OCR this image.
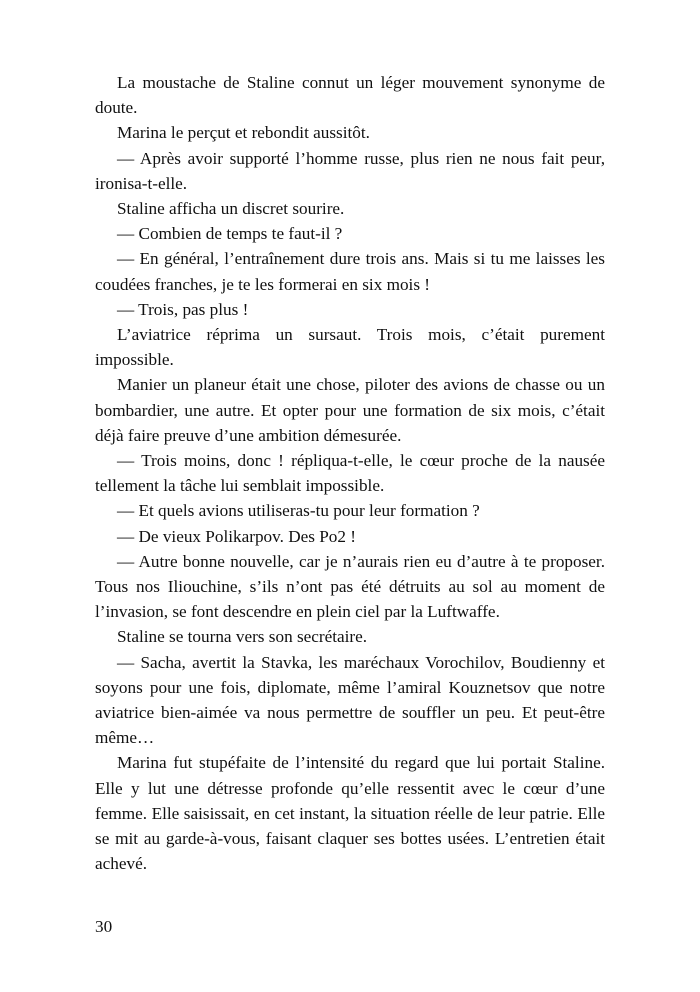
La moustache de Staline connut un léger mouvement synonyme de doute.

Marina le perçut et rebondit aussitôt.

— Après avoir supporté l’homme russe, plus rien ne nous fait peur, ironisa-t-elle.

Staline afficha un discret sourire.

— Combien de temps te faut-il ?

— En général, l’entraînement dure trois ans. Mais si tu me laisses les coudées franches, je te les formerai en six mois !

— Trois, pas plus !

L’aviatrice réprima un sursaut. Trois mois, c’était purement impossible.

Manier un planeur était une chose, piloter des avions de chasse ou un bombardier, une autre. Et opter pour une formation de six mois, c’était déjà faire preuve d’une ambition démesurée.

— Trois moins, donc ! répliqua-t-elle, le cœur proche de la nausée tellement la tâche lui semblait impossible.

— Et quels avions utiliseras-tu pour leur formation ?

— De vieux Polikarpov. Des Po2 !

— Autre bonne nouvelle, car je n’aurais rien eu d’autre à te proposer. Tous nos Iliouchine, s’ils n’ont pas été détruits au sol au moment de l’invasion, se font descendre en plein ciel par la Luftwaffe.

Staline se tourna vers son secrétaire.

— Sacha, avertit la Stavka, les maréchaux Vorochilov, Boudienny et soyons pour une fois, diplomate, même l’amiral Kouznetsov que notre aviatrice bien-aimée va nous permettre de souffler un peu. Et peut-être même…

Marina fut stupéfaite de l’intensité du regard que lui portait Staline. Elle y lut une détresse profonde qu’elle ressentit avec le cœur d’une femme. Elle saisissait, en cet instant, la situation réelle de leur patrie. Elle se mit au garde-à-vous, faisant claquer ses bottes usées. L’entretien était achevé.

30
